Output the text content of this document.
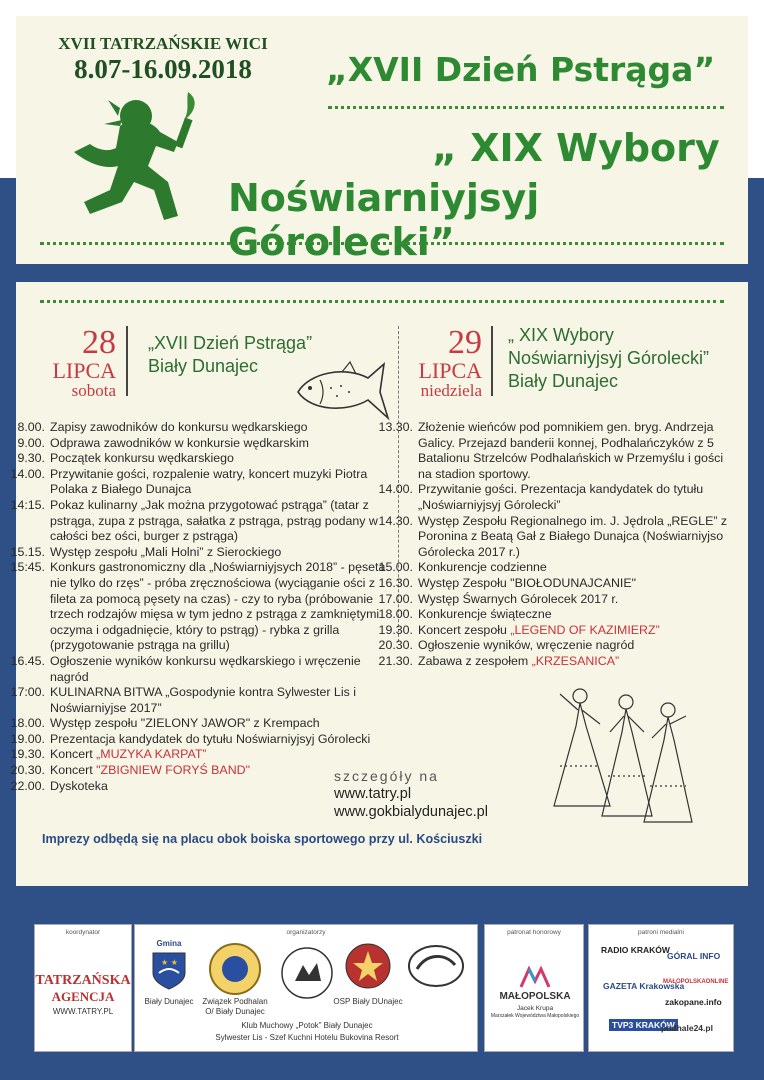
XVII TATRZAŃSKIE WICI
8.07-16.09.2018	„XVII Dzień Pstrąga”
„ XIX Wybory
Noświarniyjsyj Górolecki”
28
LIPCA
sobota
„XVII Dzień Pstrąga”
Biały Dunajec
29
LIPCA
niedziela
„ XIX Wybory
Noświarniyjsyj Górolecki”
Biały Dunajec
8.00. Zapisy zawodników do konkursu wędkarskiego
9.00. Odprawa zawodników w konkursie wędkarskim
9.30. Początek konkursu wędkarskiego
14.00. Przywitanie gości, rozpalenie watry, koncert muzyki Piotra Polaka z Białego Dunajca
14:15. Pokaz kulinarny „Jak można przygotować pstrąga” (tatar z pstrąga, zupa z pstrąga, sałatka z pstrąga, pstrąg podany w całości bez ości, burger z pstrąga)
15.15. Występ zespołu „Mali Holni” z Sierockiego
15:45. Konkurs gastronomiczny dla „Noświarniyjsych 2018” - pęseta nie tylko do rzęs” - próba zręcznościowa (wyciąganie ości z fileta za pomocą pęsety na czas) - czy to ryba (próbowanie trzech rodzajów mięsa w tym jedno z pstrąga z zamkniętymi oczyma i odgadnięcie, który to pstrąg) - rybka z grilla (przygotowanie pstrąga na grillu)
16.45. Ogłoszenie wyników konkursu wędkarskiego i wręczenie nagród
17:00. KULINARNA BITWA „Gospodynie kontra Sylwester Lis i Noświarniyjse 2017”
18.00. Występ zespołu "ZIELONY JAWOR" z Krempach
19.00. Prezentacja kandydatek do tytułu Noświarniyjsyj Górolecki
19.30. Koncert „MUZYKA KARPAT”
20.30. Koncert "ZBIGNIEW FORYŚ BAND"
22.00. Dyskoteka
13.30. Złożenie wieńców pod pomnikiem gen. bryg. Andrzeja Galicy. Przejazd banderii konnej, Podhalańczyków z 5 Batalionu Strzelców Podhalańskich w Przemyślu i gości na stadion sportowy.
14.00. Przywitanie gości. Prezentacja kandydatek do tytułu „Noświarniyjsyj Górolecki”
14.30. Występ Zespołu Regionalnego im. J. Jędrola „REGLE” z Poronina z Beatą Gał z Białego Dunajca (Noświarniyjso Górolecka 2017 r.)
15.00. Konkurencje codzienne
16.30. Występ Zespołu "BIOŁODUNAJCANIE"
17.00. Występ Śwarnych Górolecek 2017 r.
18.00. Konkurencje świąteczne
19.30. Koncert zespołu „LEGEND OF KAZIMIERZ”
20.30. Ogłoszenie wyników, wręczenie nagród
21.30. Zabawa z zespołem „KRZESANICA”
szczegóły na
www.tatry.pl
www.gokbialydunajec.pl
Imprezy odbędą się na placu obok boiska sportowego przy ul. Kościuszki
koordynator
TATRZAŃSKA
AGENCJA
WWW.TATRY.PL
organizatorzy
Gmina
★ ★
Biały Dunajec	Związek Podhalan
O/ Biały Dunajec
OSP Biały DUnajec
Klub Muchowy „Potok” Biały Dunajec
Sylwester Lis - Szef Kuchni Hotelu Bukovina Resort
patronat honorowy
MAŁOPOLSKA
Jacek Krupa
Marszałek Województwa Małopolskiego
patroni medialni
RADIO KRAKÓW
GÓRAL INFO
GAZETA Krakowska
MAŁOPOLSKAONLINE
zakopane.info
TVP3 KRAKÓW
podhale24.pl
